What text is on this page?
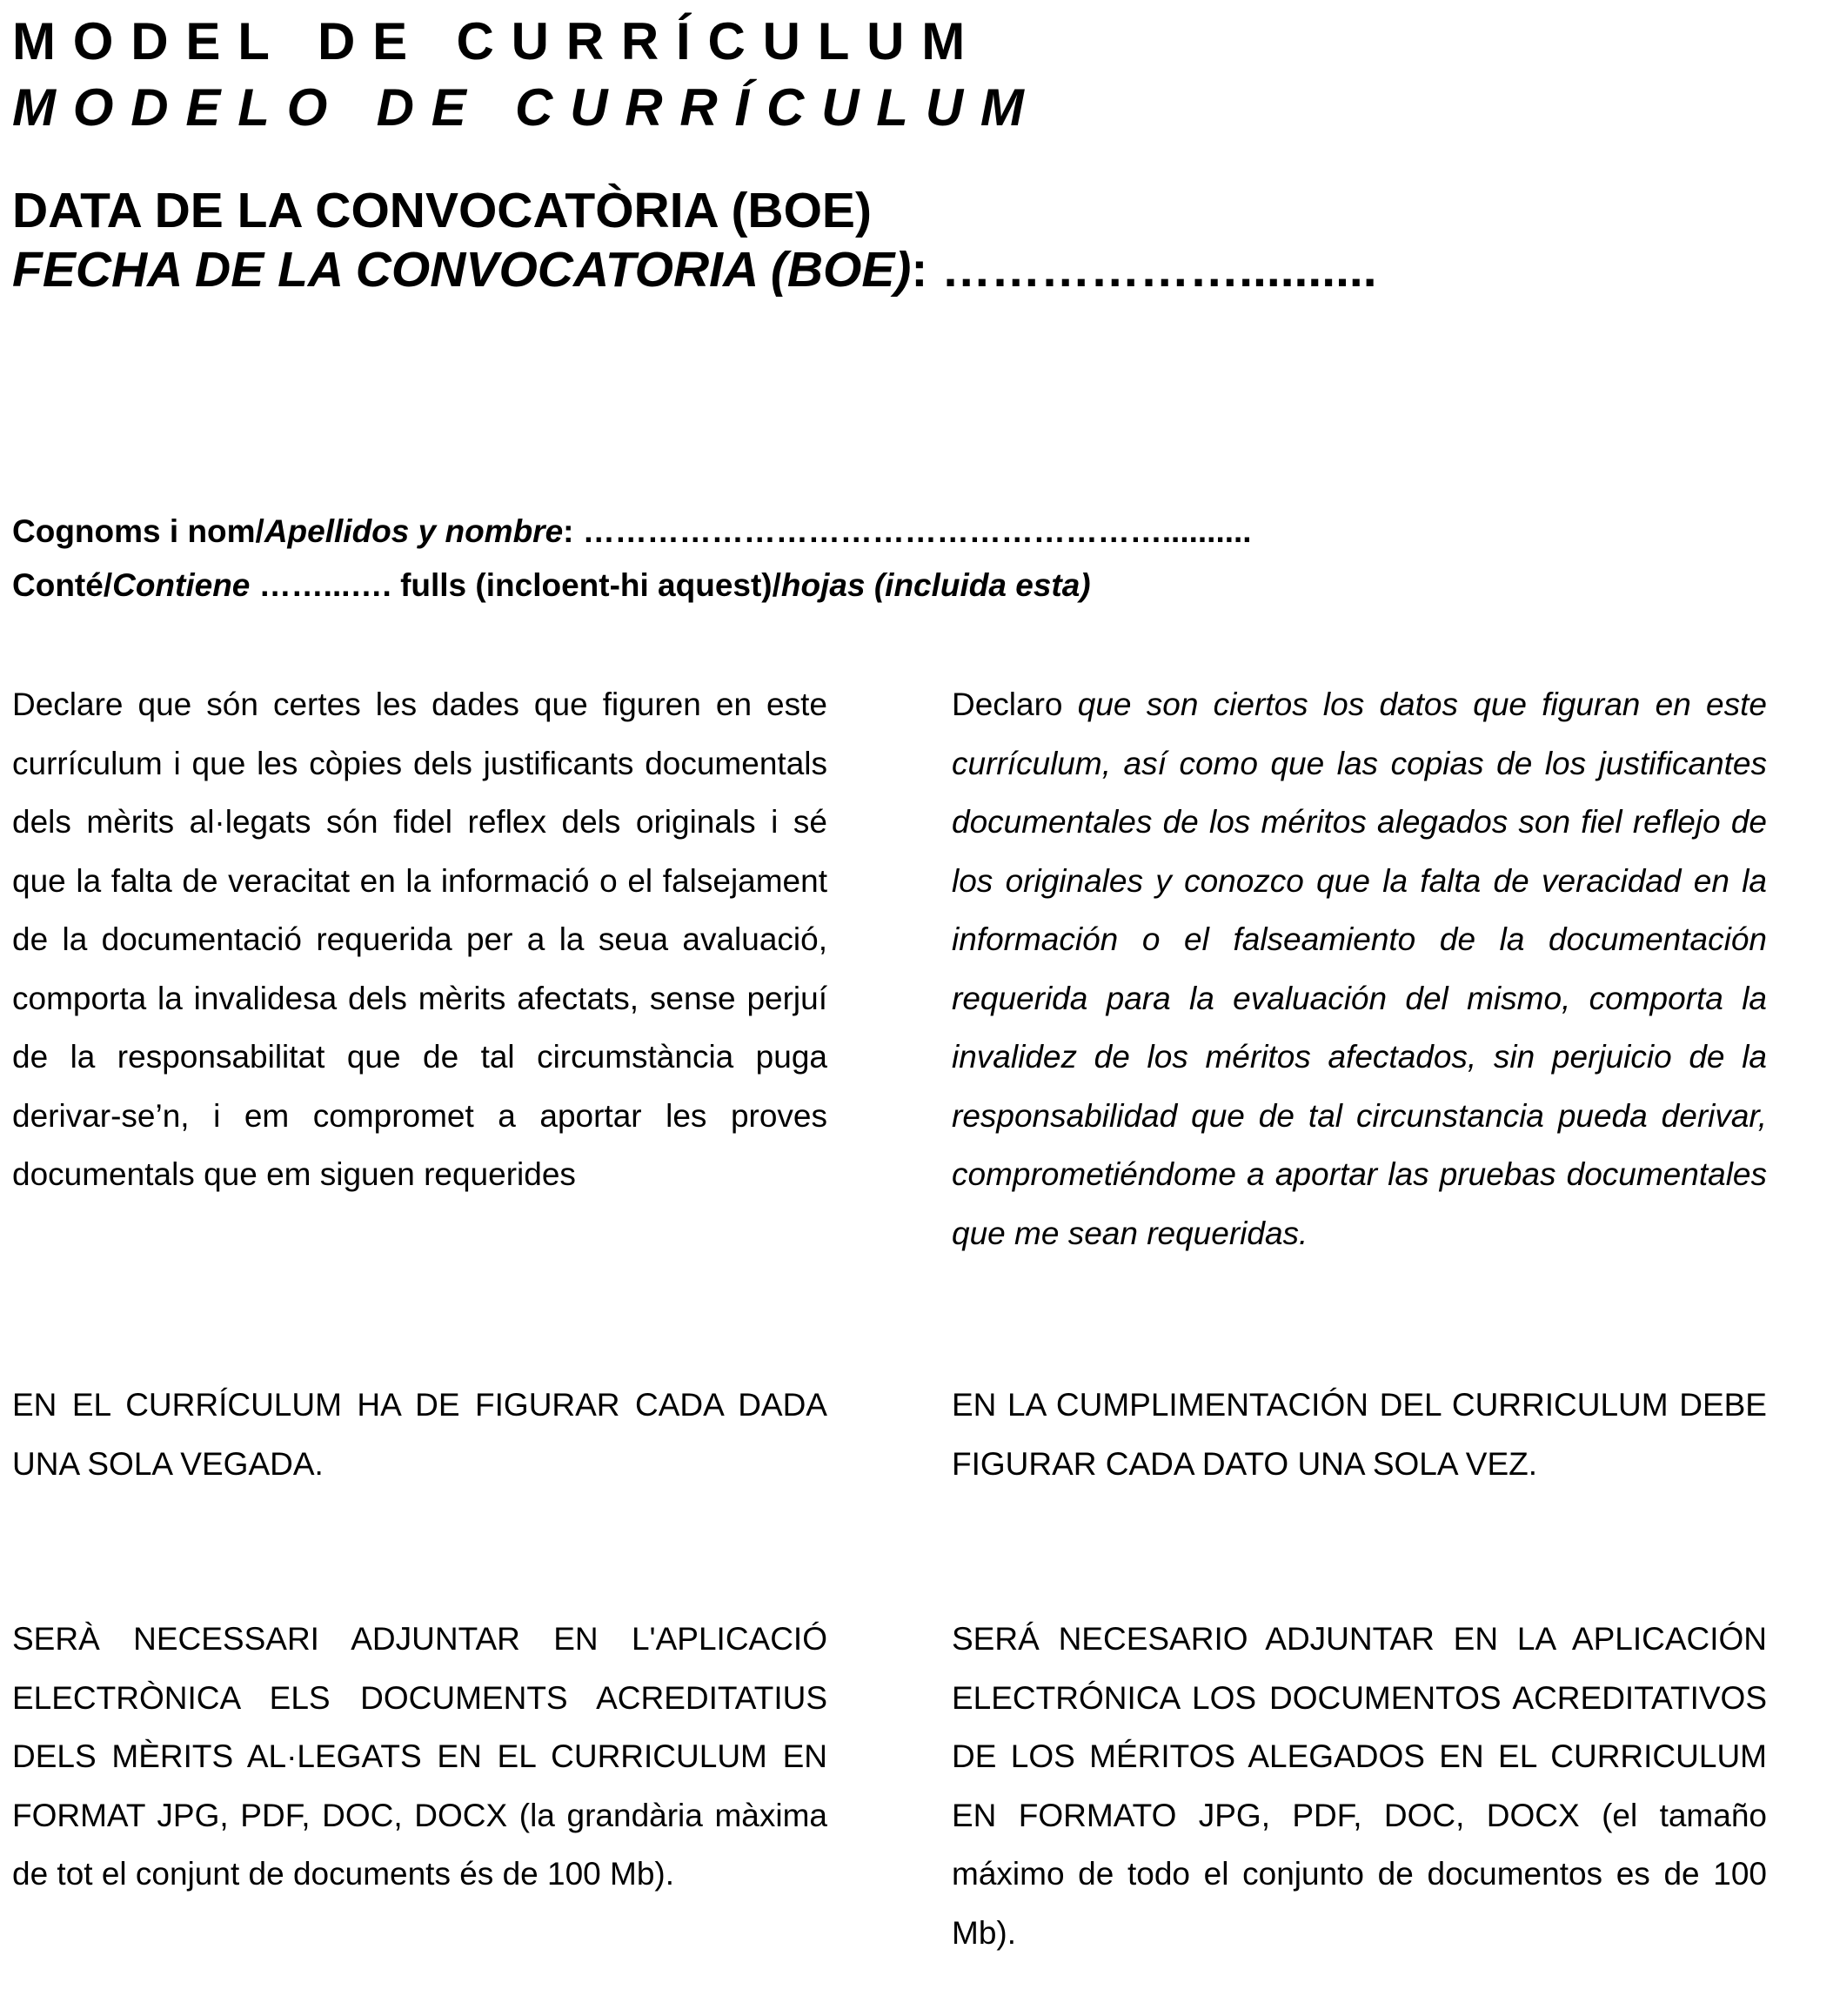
MODEL DE CURRÍCULUM
MODELO DE CURRÍCULUM
DATA DE LA CONVOCATÒRIA (BOE)
FECHA DE LA CONVOCATORIA (BOE): ………………..........
Cognoms i nom/Apellidos y nombre: ………………………………………………..........
Conté/Contiene ……...…. fulls (incloent-hi aquest)/hojas (incluida esta)

Declare que són certes les dades que figuren en este currículum i que les còpies dels justificants documentals dels mèrits al·legats són fidel reflex dels originals i sé que la falta de veracitat en la informació o el falsejament de la documentació requerida per a la seua avaluació, comporta la invalidesa dels mèrits afectats, sense perjuí de la responsabilitat que de tal circumstància puga derivar-se’n, i em compromet a aportar les proves documentals que em siguen requerides

Declaro que son ciertos los datos que figuran en este currículum, así como que las copias de los justificantes documentales de los méritos alegados son fiel reflejo de los originales y conozco que la falta de veracidad en la información o el falseamiento de la documentación requerida para la evaluación del mismo, comporta la invalidez de los méritos afectados, sin perjuicio de la responsabilidad que de tal circunstancia pueda derivar, comprometiéndome a aportar las pruebas documentales que me sean requeridas.

EN EL CURRÍCULUM HA DE FIGURAR CADA DADA UNA SOLA VEGADA.

EN LA CUMPLIMENTACIÓN DEL CURRICULUM DEBE FIGURAR CADA DATO UNA SOLA VEZ.

SERÀ NECESSARI ADJUNTAR EN L'APLICACIÓ ELECTRÒNICA ELS DOCUMENTS ACREDITATIUS DELS MÈRITS AL·LEGATS EN EL CURRICULUM EN FORMAT JPG, PDF, DOC, DOCX (la grandària màxima de tot el conjunt de documents és de 100 Mb).

SERÁ NECESARIO ADJUNTAR EN LA APLICACIÓN ELECTRÓNICA LOS DOCUMENTOS ACREDITATIVOS DE LOS MÉRITOS ALEGADOS EN EL CURRICULUM EN FORMATO JPG, PDF, DOC, DOCX (el tamaño máximo de todo el conjunto de documentos es de 100 Mb).
